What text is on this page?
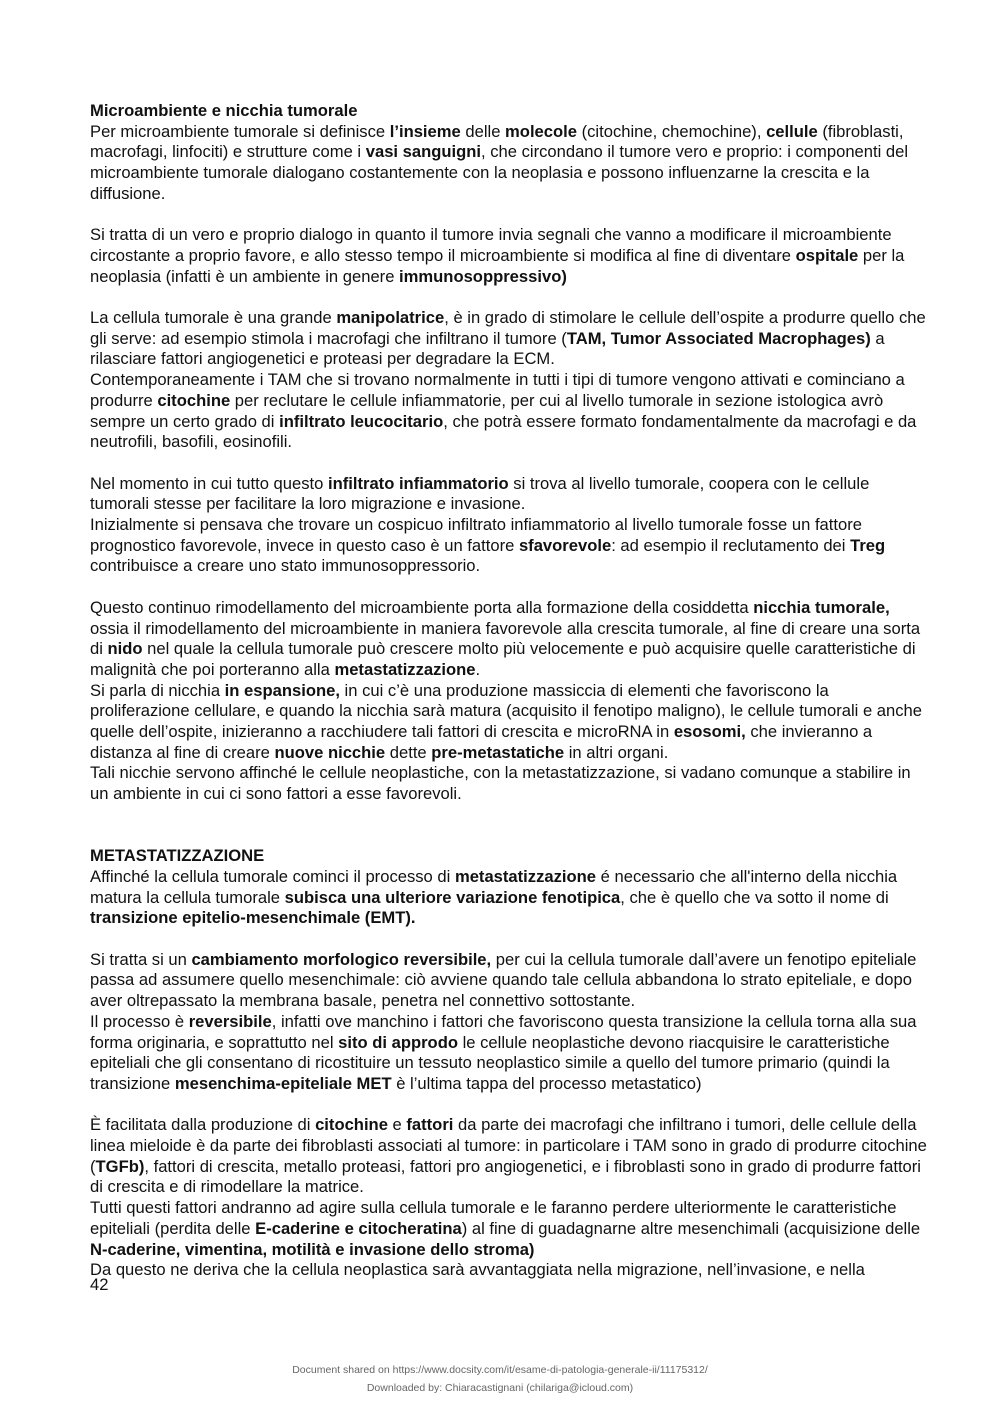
Microambiente e nicchia tumorale

Per microambiente tumorale si definisce l’insieme delle molecole (citochine, chemochine), cellule (fibroblasti, macrofagi, linfociti) e strutture come i vasi sanguigni, che circondano il tumore vero e proprio: i componenti del microambiente tumorale dialogano costantemente con la neoplasia e possono influenzarne la crescita e la diffusione.

Si tratta di un vero e proprio dialogo in quanto il tumore invia segnali che vanno a modificare il microambiente circostante a proprio favore, e allo stesso tempo il microambiente si modifica al fine di diventare ospitale per la neoplasia (infatti è un ambiente in genere immunosoppressivo)

La cellula tumorale è una grande manipolatrice, è in grado di stimolare le cellule dell’ospite a produrre quello che gli serve: ad esempio stimola i macrofagi che infiltrano il tumore (TAM, Tumor Associated Macrophages) a rilasciare fattori angiogenetici e proteasi per degradare la ECM.

Contemporaneamente i TAM che si trovano normalmente in tutti i tipi di tumore vengono attivati e cominciano a produrre citochine per reclutare le cellule infiammatorie, per cui al livello tumorale in sezione istologica avrò sempre un certo grado di infiltrato leucocitario, che potrà essere formato fondamentalmente da macrofagi e da neutrofili, basofili, eosinofili.

Nel momento in cui tutto questo infiltrato infiammatorio si trova al livello tumorale, coopera con le cellule tumorali stesse per facilitare la loro migrazione e invasione.

Inizialmente si pensava che trovare un cospicuo infiltrato infiammatorio al livello tumorale fosse un fattore prognostico favorevole, invece in questo caso è un fattore sfavorevole: ad esempio il reclutamento dei Treg contribuisce a creare uno stato immunosoppressorio.

Questo continuo rimodellamento del microambiente porta alla formazione della cosiddetta nicchia tumorale, ossia il rimodellamento del microambiente in maniera favorevole alla crescita tumorale, al fine di creare una sorta di nido nel quale la cellula tumorale può crescere molto più velocemente e può acquisire quelle caratteristiche di malignità che poi porteranno alla metastatizzazione.

Si parla di nicchia in espansione, in cui c’è una produzione massiccia di elementi che favoriscono la proliferazione cellulare, e quando la nicchia sarà matura (acquisito il fenotipo maligno), le cellule tumorali e anche quelle dell’ospite, inizieranno a racchiudere tali fattori di crescita e microRNA in esosomi, che invieranno a distanza al fine di creare nuove nicchie dette pre-metastatiche in altri organi.

Tali nicchie servono affinché le cellule neoplastiche, con la metastatizzazione, si vadano comunque a stabilire in un ambiente in cui ci sono fattori a esse favorevoli.

METASTATIZZAZIONE

Affinché la cellula tumorale cominci il processo di metastatizzazione é necessario che all'interno della nicchia matura la cellula tumorale subisca una ulteriore variazione fenotipica, che è quello che va sotto il nome di transizione epitelio-mesenchimale (EMT).

Si tratta si un cambiamento morfologico reversibile, per cui la cellula tumorale dall’avere un fenotipo epiteliale passa ad assumere quello mesenchimale: ciò avviene quando tale cellula abbandona lo strato epiteliale, e dopo aver oltrepassato la membrana basale, penetra nel connettivo sottostante.

Il processo è reversibile, infatti ove manchino i fattori che favoriscono questa transizione la cellula torna alla sua forma originaria, e soprattutto nel sito di approdo le cellule neoplastiche devono riacquisire le caratteristiche epiteliali che gli consentano di ricostituire un tessuto neoplastico simile a quello del tumore primario (quindi la transizione mesenchima-epiteliale MET è l’ultima tappa del processo metastatico)

È facilitata dalla produzione di citochine e fattori da parte dei macrofagi che infiltrano i tumori, delle cellule della linea mieloide è da parte dei fibroblasti associati al tumore: in particolare i TAM sono in grado di produrre citochine (TGFb), fattori di crescita, metallo proteasi, fattori pro angiogenetici, e i fibroblasti sono in grado di produrre fattori di crescita e di rimodellare la matrice.

Tutti questi fattori andranno ad agire sulla cellula tumorale e le faranno perdere ulteriormente le caratteristiche epiteliali (perdita delle E-caderine e citocheratina) al fine di guadagnarne altre mesenchimali (acquisizione delle N-caderine, vimentina, motilità e invasione dello stroma)

Da questo ne deriva che la cellula neoplastica sarà avvantaggiata nella migrazione, nell’invasione, e nella

42
Document shared on https://www.docsity.com/it/esame-di-patologia-generale-ii/11175312/
Downloaded by: Chiaracastignani (chilariga@icloud.com)
